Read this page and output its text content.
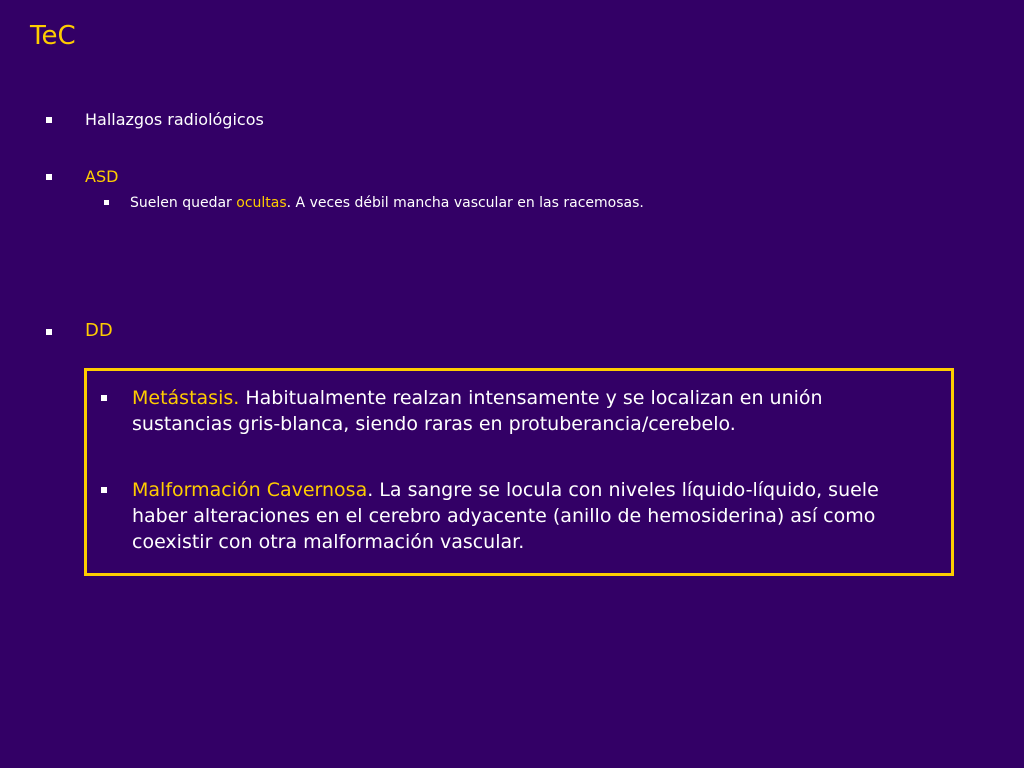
TeC
Hallazgos radiológicos
ASD
Suelen quedar ocultas. A veces débil mancha vascular en las racemosas.
DD
Metástasis. Habitualmente realzan intensamente y se localizan en unión sustancias gris-blanca, siendo raras en protuberancia/cerebelo.
Malformación Cavernosa. La sangre se locula con niveles líquido-líquido, suele haber alteraciones en el cerebro adyacente (anillo de hemosiderina) así como coexistir con otra malformación vascular.
